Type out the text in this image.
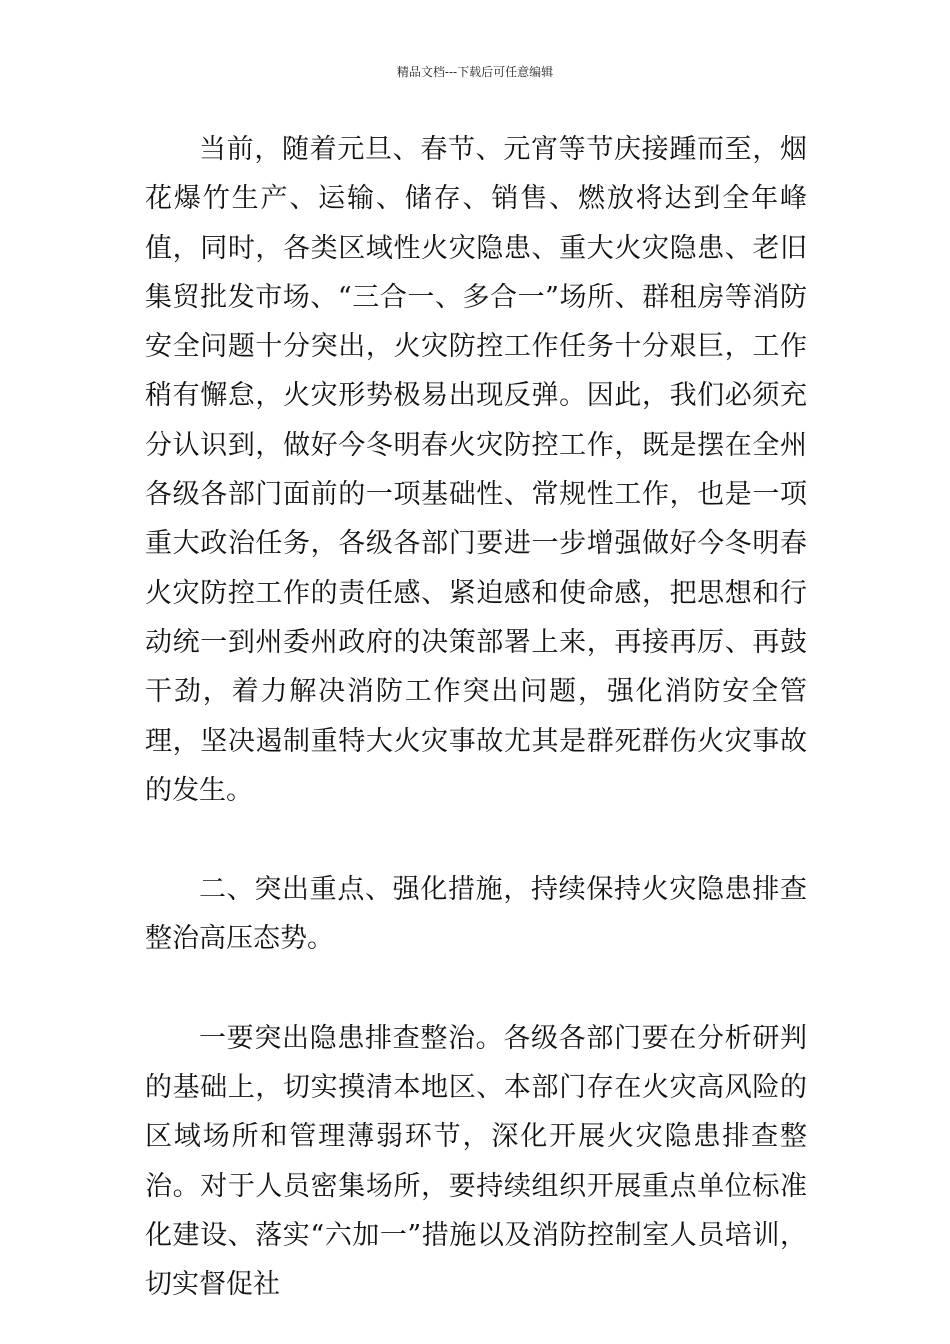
精品文档---下载后可任意编辑

当前，随着元旦、春节、元宵等节庆接踵而至，烟花爆竹生产、运输、储存、销售、燃放将达到全年峰值，同时，各类区域性火灾隐患、重大火灾隐患、老旧集贸批发市场、“三合一、多合一”场所、群租房等消防安全问题十分突出，火灾防控工作任务十分艰巨，工作稍有懈怠，火灾形势极易出现反弹。因此，我们必须充分认识到，做好今冬明春火灾防控工作，既是摆在全州各级各部门面前的一项基础性、常规性工作，也是一项重大政治任务，各级各部门要进一步增强做好今冬明春火灾防控工作的责任感、紧迫感和使命感，把思想和行动统一到州委州政府的决策部署上来，再接再厉、再鼓干劲，着力解决消防工作突出问题，强化消防安全管理，坚决遏制重特大火灾事故尤其是群死群伤火灾事故的发生。

二、突出重点、强化措施，持续保持火灾隐患排查整治高压态势。

一要突出隐患排查整治。各级各部门要在分析研判的基础上，切实摸清本地区、本部门存在火灾高风险的区域场所和管理薄弱环节，深化开展火灾隐患排查整治。对于人员密集场所，要持续组织开展重点单位标准化建设、落实“六加一”措施以及消防控制室人员培训，切实督促社
